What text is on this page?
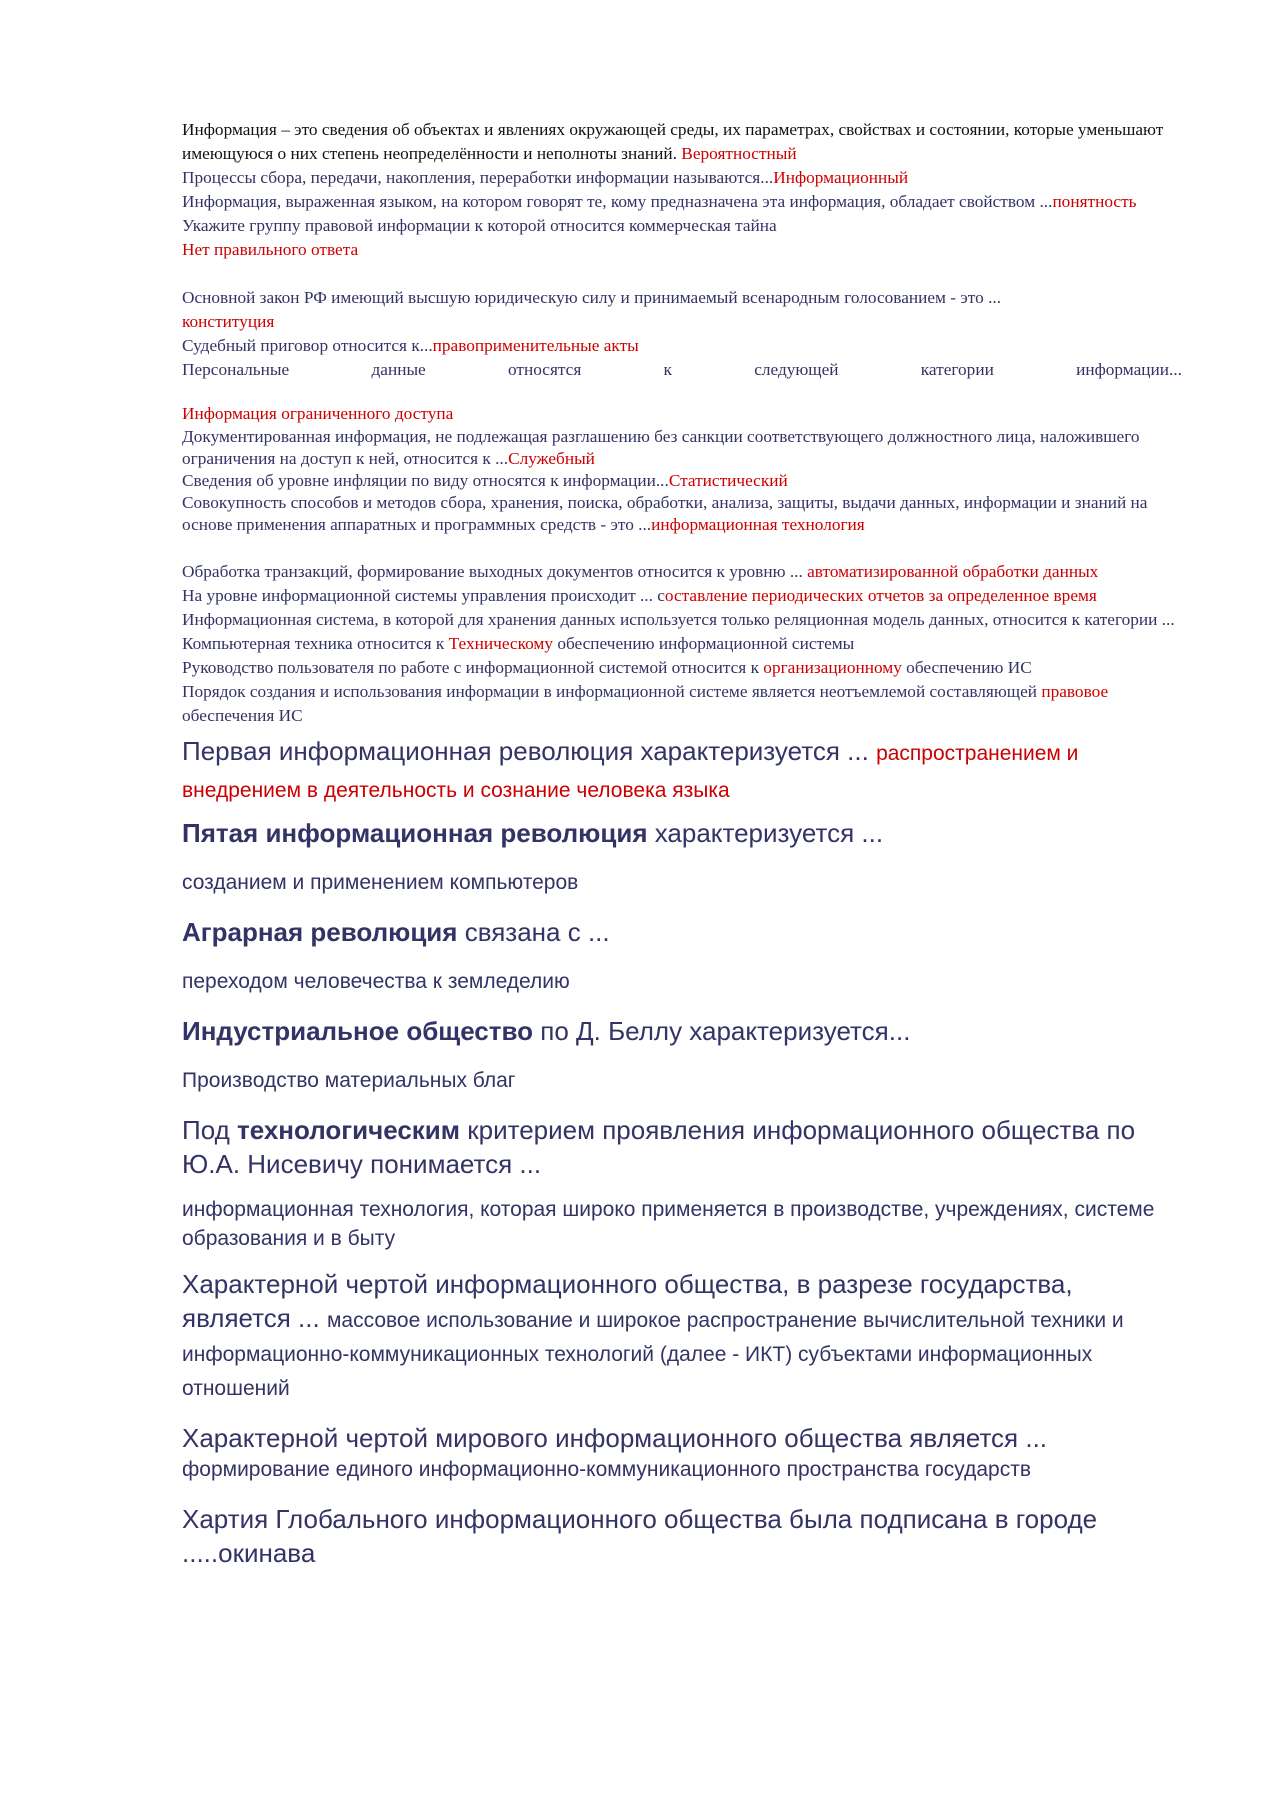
Информация – это сведения об объектах и явлениях окружающей среды, их параметрах, свойствах и состоянии, которые уменьшают имеющуюся о них степень неопределённости и неполноты знаний. Вероятностный

Процессы сбора, передачи, накопления, переработки информации называются...Информационный

Информация, выраженная языком, на котором говорят те, кому предназначена эта информация, обладает свойством ...понятность

Укажите группу правовой информации к которой относится коммерческая тайна

Нет правильного ответа

Основной закон РФ имеющий высшую юридическую силу и принимаемый всенародным голосованием - это ...

конституция

Судебный приговор относится к...правоприменительные акты

Персональные данные относятся к следующей категории информации...

Информация ограниченного доступа

Документированная информация, не подлежащая разглашению без санкции соответствующего должностного лица, наложившего ограничения на доступ к ней, относится к ...Служебный

Сведения об уровне инфляции по виду относятся к информации...Статистический

Совокупность способов и методов сбора, хранения, поиска, обработки, анализа, защиты, выдачи данных, информации и знаний на основе применения аппаратных и программных средств - это ...информационная технология

Обработка транзакций, формирование выходных документов относится к уровню ... автоматизированной обработки данных

На уровне информационной системы управления происходит ... составление периодических отчетов за определенное время

Информационная система, в которой для хранения данных используется только реляционная модель данных, относится к категории ...

Компьютерная техника относится к Техническому обеспечению информационной системы

Руководство пользователя по работе с информационной системой относится к организационному обеспечению ИС

Порядок создания и использования информации в информационной системе является неотъемлемой составляющей правовое обеспечения ИС

Первая информационная революция характеризуется ... распространением и внедрением в деятельность и сознание человека языка

Пятая информационная революция характеризуется ...

созданием и применением компьютеров

Аграрная революция связана с ...

переходом человечества к земледелию

Индустриальное общество по Д. Беллу характеризуется...

Производство материальных благ

Под технологическим критерием проявления информационного общества по Ю.А. Нисевичу понимается ...

информационная технология, которая широко применяется в производстве, учреждениях, системе образования и в быту

Характерной чертой информационного общества, в разрезе государства, является ... массовое использование и широкое распространение вычислительной техники и информационно-коммуникационных технологий (далее - ИКТ) субъектами информационных отношений

Характерной чертой мирового информационного общества является ...

формирование единого информационно-коммуникационного пространства государств

Хартия Глобального информационного общества была подписана в городе .....окинава
